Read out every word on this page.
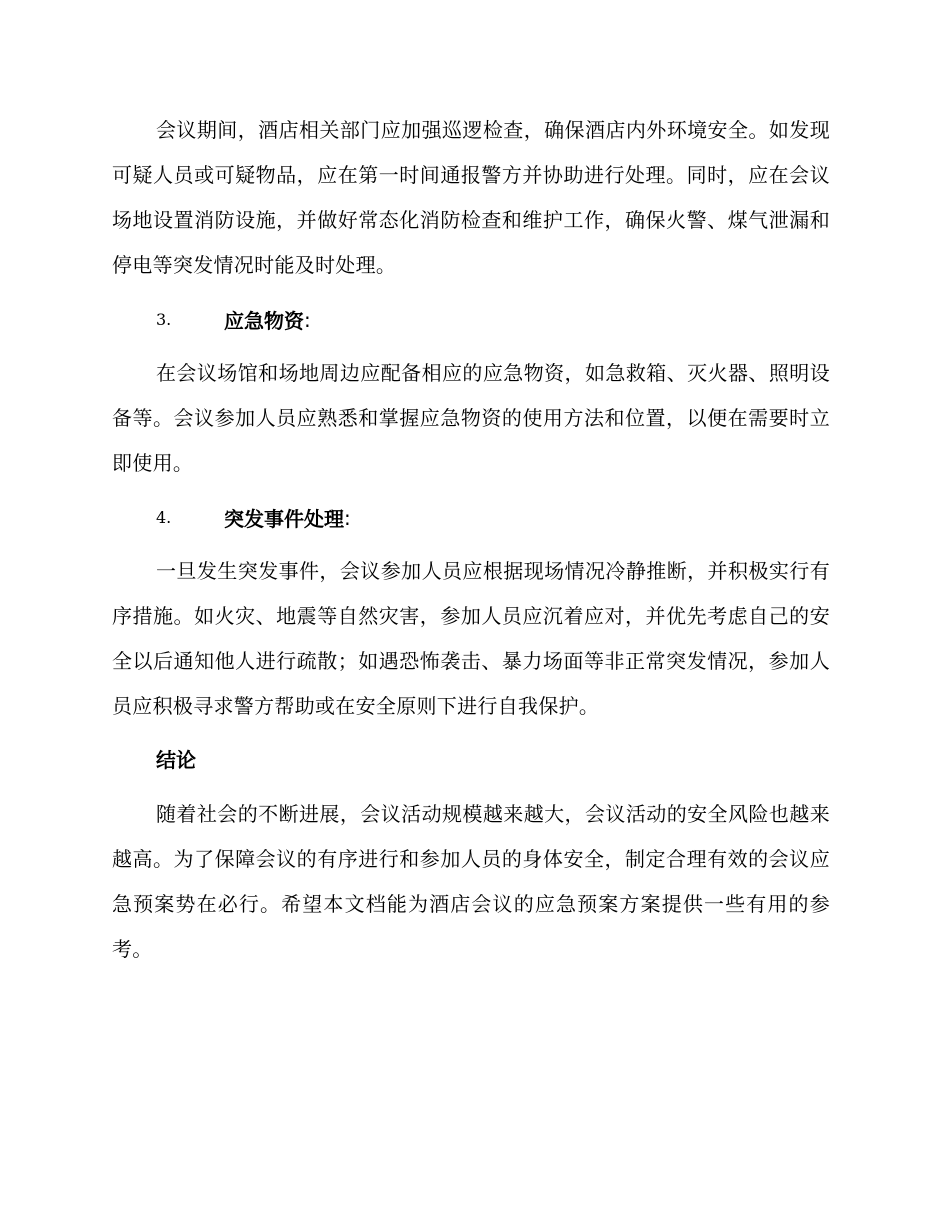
会议期间，酒店相关部门应加强巡逻检查，确保酒店内外环境安全。如发现可疑人员或可疑物品，应在第一时间通报警方并协助进行处理。同时，应在会议场地设置消防设施，并做好常态化消防检查和维护工作，确保火警、煤气泄漏和停电等突发情况时能及时处理。

3.	应急物资 :

在会议场馆和场地周边应配备相应的应急物资，如急救箱、灭火器、照明设备等。会议参加人员应熟悉和掌握应急物资的使用方法和位置，以便在需要时立即使用。

4.	突发事件处理 :

一旦发生突发事件，会议参加人员应根据现场情况冷静推断，并积极实行有序措施。如火灾、地震等自然灾害，参加人员应沉着应对，并优先考虑自己的安全以后通知他人进行疏散；如遇恐怖袭击、暴力场面等非正常突发情况，参加人员应积极寻求警方帮助或在安全原则下进行自我保护。

结论

随着社会的不断进展，会议活动规模越来越大，会议活动的安全风险也越来越高。为了保障会议的有序进行和参加人员的身体安全，制定合理有效的会议应急预案势在必行。希望本文档能为酒店会议的应急预案方案提供一些有用的参考。
